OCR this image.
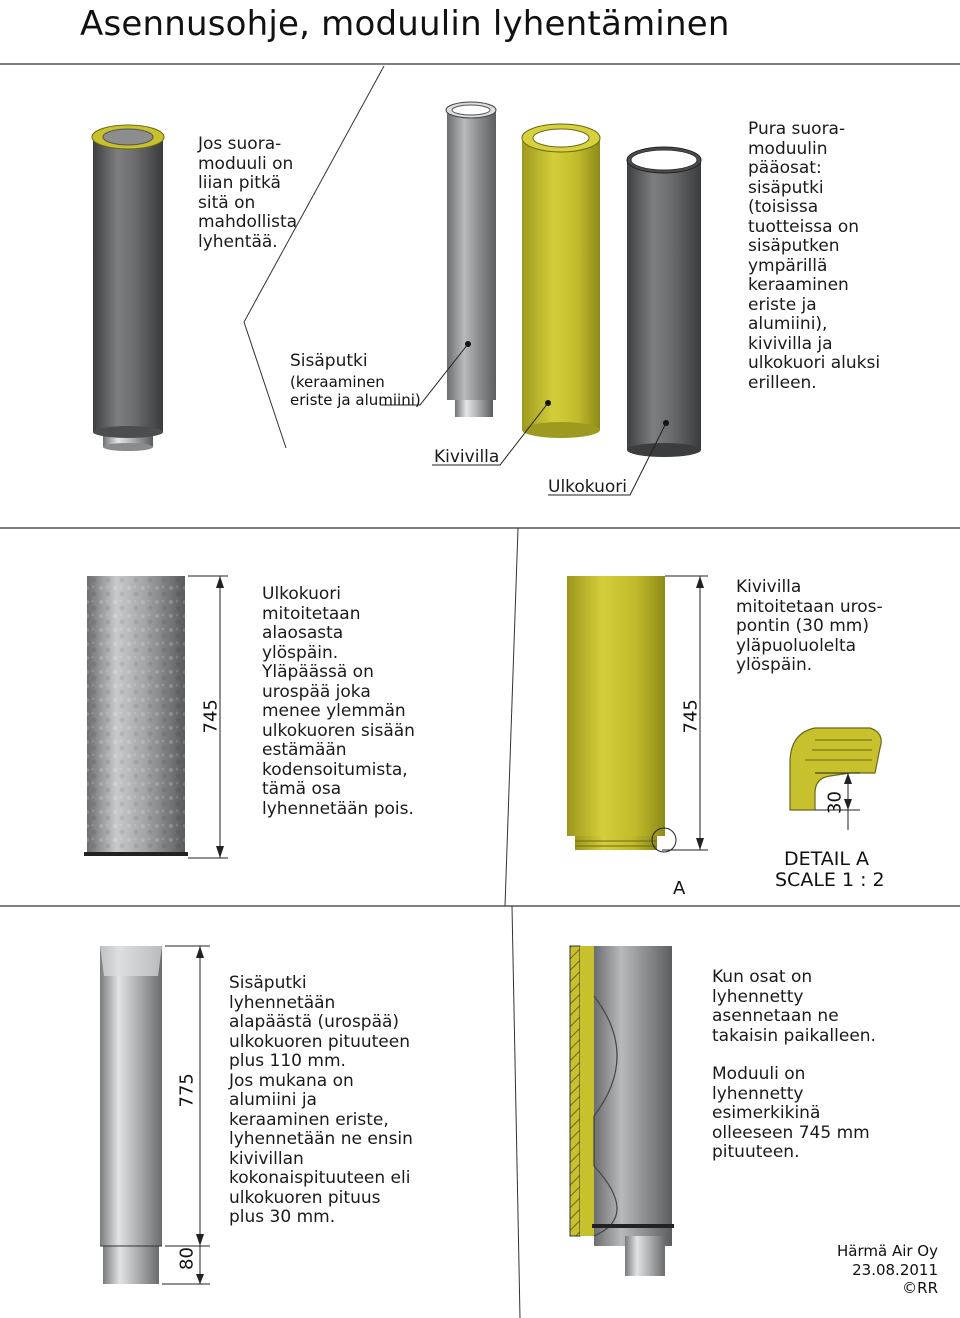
Asennusohje, moduulin lyhentäminen
Jos suora-
moduuli on
liian pitkä
sitä on
mahdollista
lyhentää.
Sisäputki
(keraaminen
eriste ja alumiini)
Kivivilla
Ulkokuori
Pura suora-
moduulin
pääosat:
sisäputki
(toisissa
tuotteissa on
sisäputken
ympärillä
keraaminen
eriste ja
alumiini),
kivivilla ja
ulkokuori aluksi
erilleen.
745
Ulkokuori
mitoitetaan
alaosasta
ylöspäin.
Yläpäässä on
urospää joka
menee ylemmän
ulkokuoren sisään
estämään
kodensoitumista,
tämä osa
lyhennetään pois.
745
Kivivilla
mitoitetaan uros-
pontin (30 mm)
yläpuoluolelta
ylöspäin.
30
A
DETAIL A
SCALE 1 : 2
775
80
Sisäputki
lyhennetään
alapäästä (urospää)
ulkokuoren pituuteen
plus 110 mm.
Jos mukana on
alumiini ja
keraaminen eriste,
lyhennetään ne ensin
kivivillan
kokonaispituuteen eli
ulkokuoren pituus
plus 30 mm.
Kun osat on
lyhennetty
asennetaan ne
takaisin paikalleen.
Moduuli on
lyhennetty
esimerkikinä
olleeseen 745 mm
pituuteen.
Härmä Air Oy
23.08.2011
©RR
